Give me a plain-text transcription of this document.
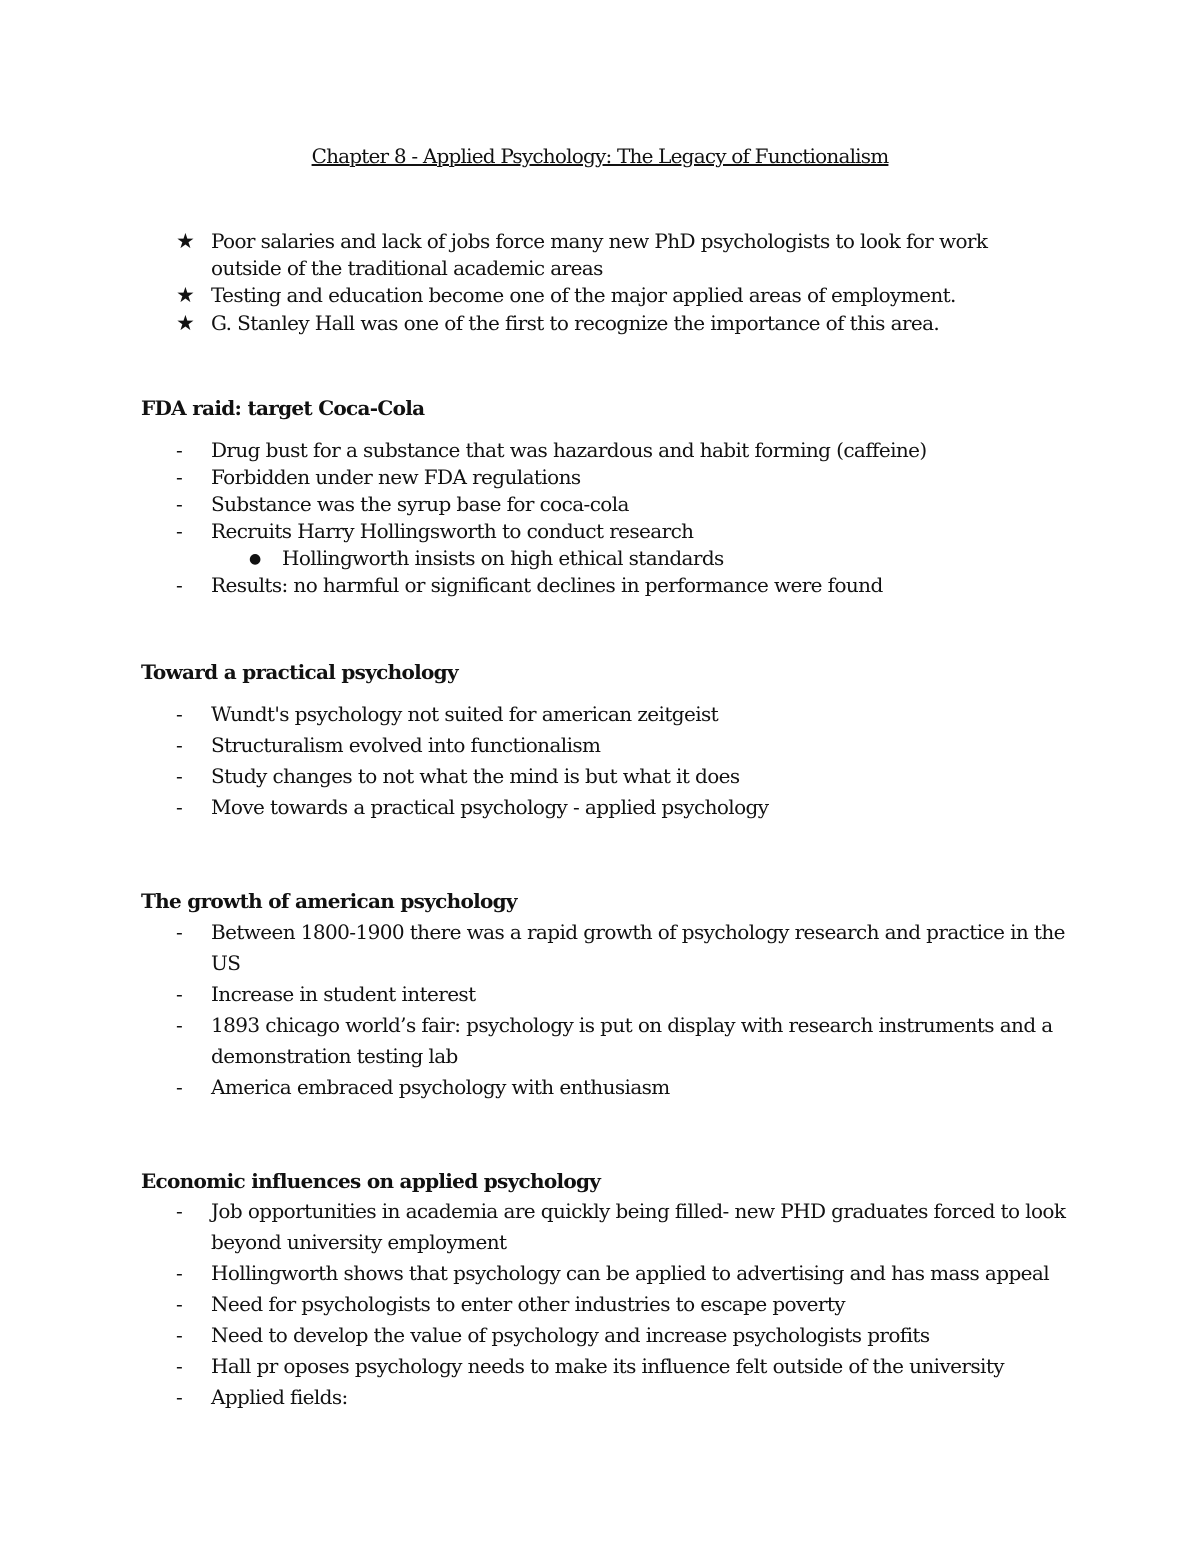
Chapter 8 - Applied Psychology: The Legacy of Functionalism
★ Poor salaries and lack of jobs force many new PhD psychologists to look for work
outside of the traditional academic areas
★ Testing and education become one of the major applied areas of employment.
★ G. Stanley Hall was one of the first to recognize the importance of this area.
FDA raid: target Coca-Cola
- Drug bust for a substance that was hazardous and habit forming (caffeine)
- Forbidden under new FDA regulations
- Substance was the syrup base for coca-cola
- Recruits Harry Hollingsworth to conduct research
● Hollingworth insists on high ethical standards
- Results: no harmful or significant declines in performance were found
Toward a practical psychology
- Wundt's psychology not suited for american zeitgeist
- Structuralism evolved into functionalism
- Study changes to not what the mind is but what it does
- Move towards a practical psychology - applied psychology
The growth of american psychology
- Between 1800-1900 there was a rapid growth of psychology research and practice in the
US
- Increase in student interest
- 1893 chicago world’s fair: psychology is put on display with research instruments and a
demonstration testing lab
- America embraced psychology with enthusiasm
Economic influences on applied psychology
- Job opportunities in academia are quickly being filled- new PHD graduates forced to look
beyond university employment
- Hollingworth shows that psychology can be applied to advertising and has mass appeal
- Need for psychologists to enter other industries to escape poverty
- Need to develop the value of psychology and increase psychologists profits
- Hall pr oposes psychology needs to make its influence felt outside of the university
- Applied fields:
